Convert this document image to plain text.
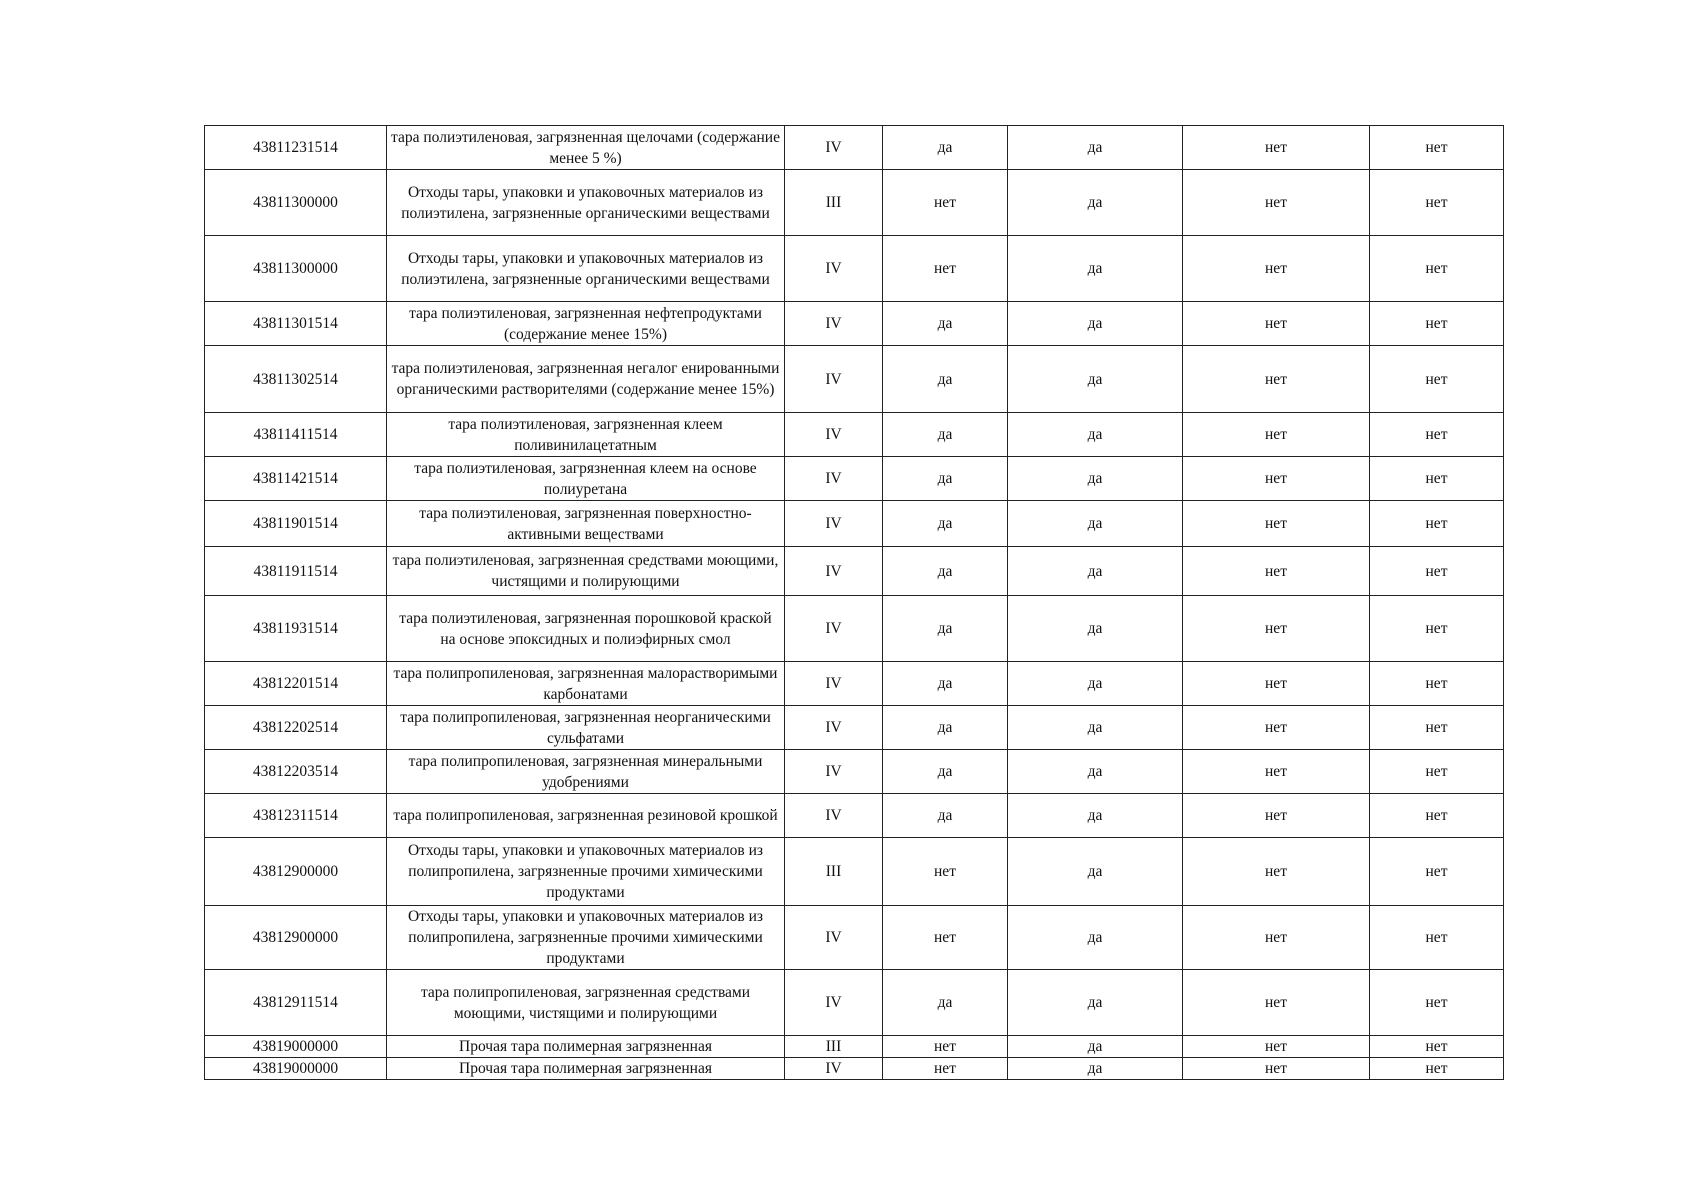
43811231514	тара полиэтиленовая, загрязненная щелочами (содержание менее 5 %)	IV	да	да	нет	нет
43811300000	Отходы тары, упаковки и упаковочных материалов из полиэтилена, загрязненные органическими веществами	III	нет	да	нет	нет
43811300000	Отходы тары, упаковки и упаковочных материалов из полиэтилена, загрязненные органическими веществами	IV	нет	да	нет	нет
43811301514	тара полиэтиленовая, загрязненная нефтепродуктами (содержание менее 15%)	IV	да	да	нет	нет
43811302514	тара полиэтиленовая, загрязненная негалог енированными органическими растворителями (содержание менее 15%)	IV	да	да	нет	нет
43811411514	тара полиэтиленовая, загрязненная клеем поливинилацетатным	IV	да	да	нет	нет
43811421514	тара полиэтиленовая, загрязненная клеем на основе полиуретана	IV	да	да	нет	нет
43811901514	тара полиэтиленовая, загрязненная поверхностно-активными веществами	IV	да	да	нет	нет
43811911514	тара полиэтиленовая, загрязненная средствами моющими, чистящими и полирующими	IV	да	да	нет	нет
43811931514	тара полиэтиленовая, загрязненная порошковой краской на основе эпоксидных и полиэфирных смол	IV	да	да	нет	нет
43812201514	тара полипропиленовая, загрязненная малорастворимыми карбонатами	IV	да	да	нет	нет
43812202514	тара полипропиленовая, загрязненная неорганическими сульфатами	IV	да	да	нет	нет
43812203514	тара полипропиленовая, загрязненная минеральными удобрениями	IV	да	да	нет	нет
43812311514	тара полипропиленовая, загрязненная резиновой крошкой	IV	да	да	нет	нет
43812900000	Отходы тары, упаковки и упаковочных материалов из полипропилена, загрязненные прочими химическими продуктами	III	нет	да	нет	нет
43812900000	Отходы тары, упаковки и упаковочных материалов из полипропилена, загрязненные прочими химическими продуктами	IV	нет	да	нет	нет
43812911514	тара полипропиленовая, загрязненная средствами моющими, чистящими и полирующими	IV	да	да	нет	нет
43819000000	Прочая тара полимерная загрязненная	III	нет	да	нет	нет
43819000000	Прочая тара полимерная загрязненная	IV	нет	да	нет	нет
